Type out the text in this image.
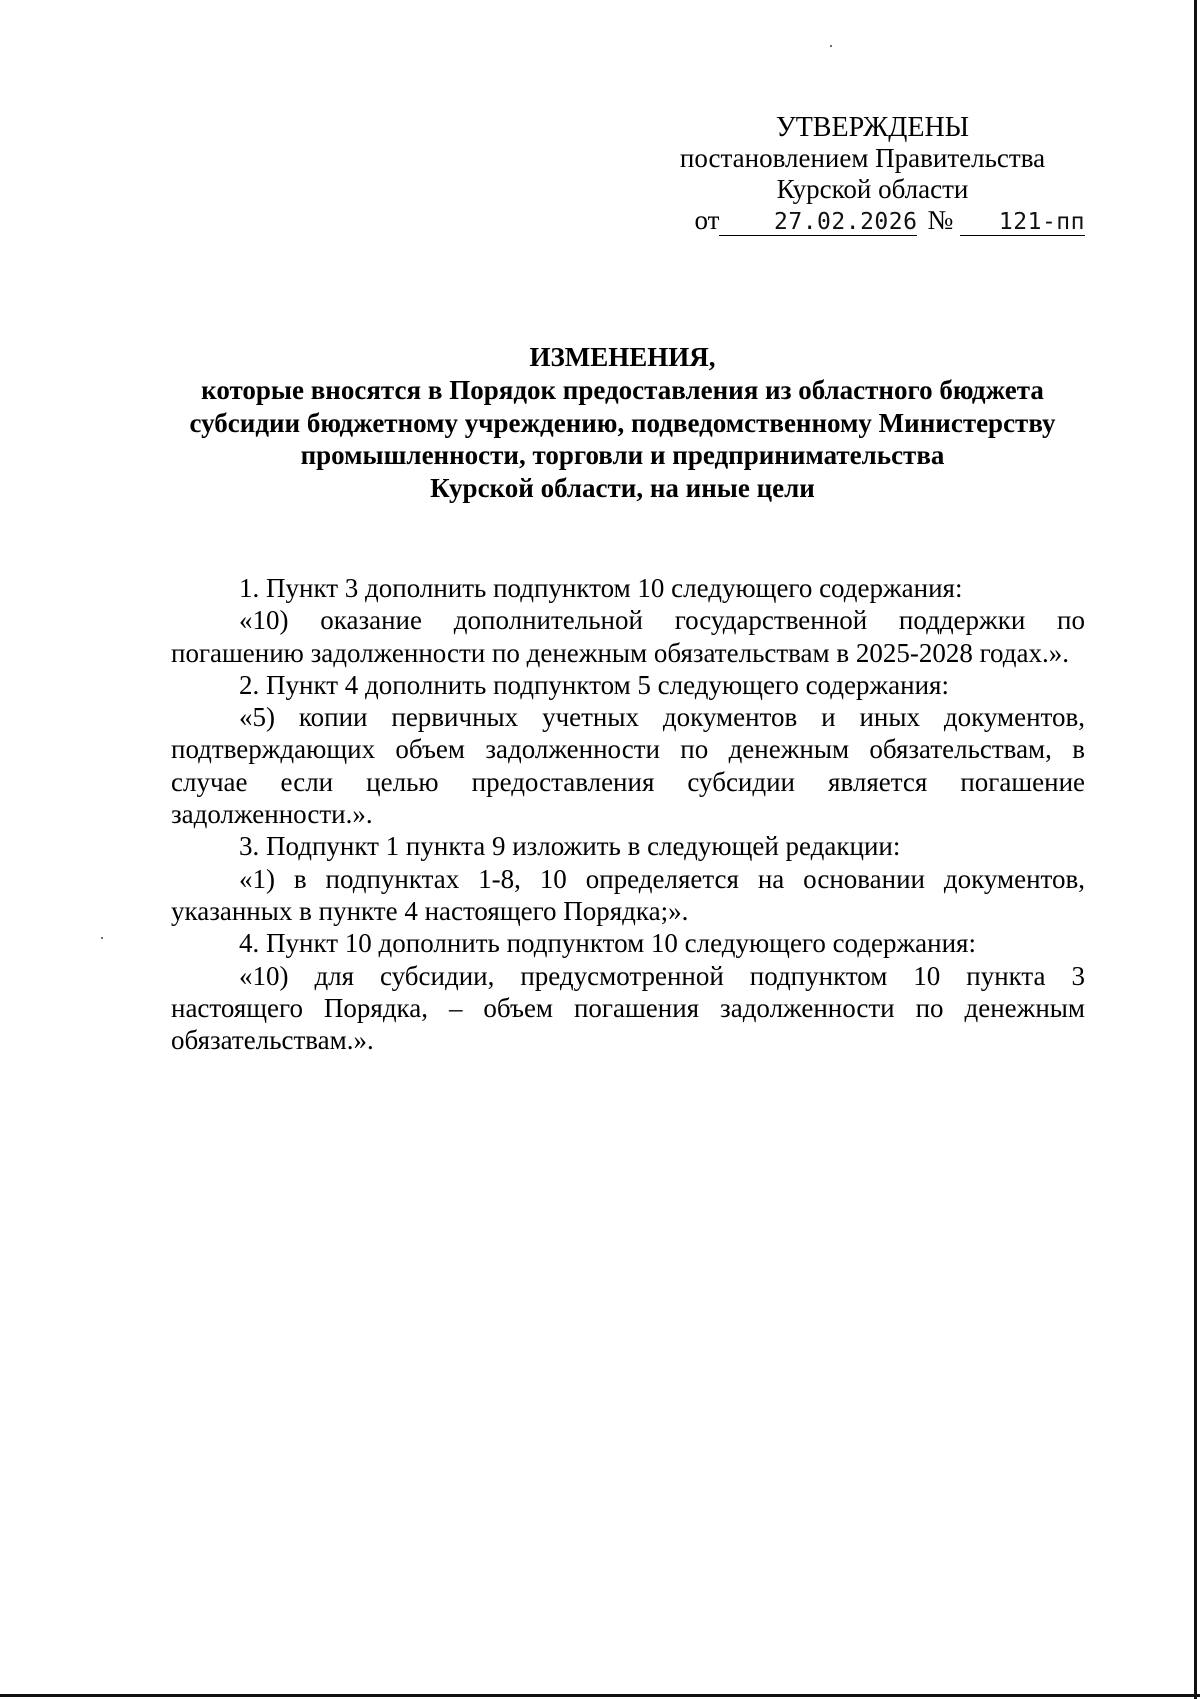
УТВЕРЖДЕНЫ
постановлением Правительства
Курской области
от 27.02.2026 № 121-пп
ИЗМЕНЕНИЯ,
которые вносятся в Порядок предоставления из областного бюджета
субсидии бюджетному учреждению, подведомственному Министерству
промышленности, торговли и предпринимательства
Курской области, на иные цели

1. Пункт 3 дополнить подпунктом 10 следующего содержания:

«10) оказание дополнительной государственной поддержки по погашению задолженности по денежным обязательствам в 2025-2028 годах.».

2. Пункт 4 дополнить подпунктом 5 следующего содержания:

«5) копии первичных учетных документов и иных документов, подтверждающих объем задолженности по денежным обязательствам, в случае если целью предоставления субсидии является погашение задолженности.».

3. Подпункт 1 пункта 9 изложить в следующей редакции:

«1) в подпунктах 1-8, 10 определяется на основании документов, указанных в пункте 4 настоящего Порядка;».

4. Пункт 10 дополнить подпунктом 10 следующего содержания:

«10) для субсидии, предусмотренной подпунктом 10 пункта 3 настоящего Порядка, – объем погашения задолженности по денежным обязательствам.».
